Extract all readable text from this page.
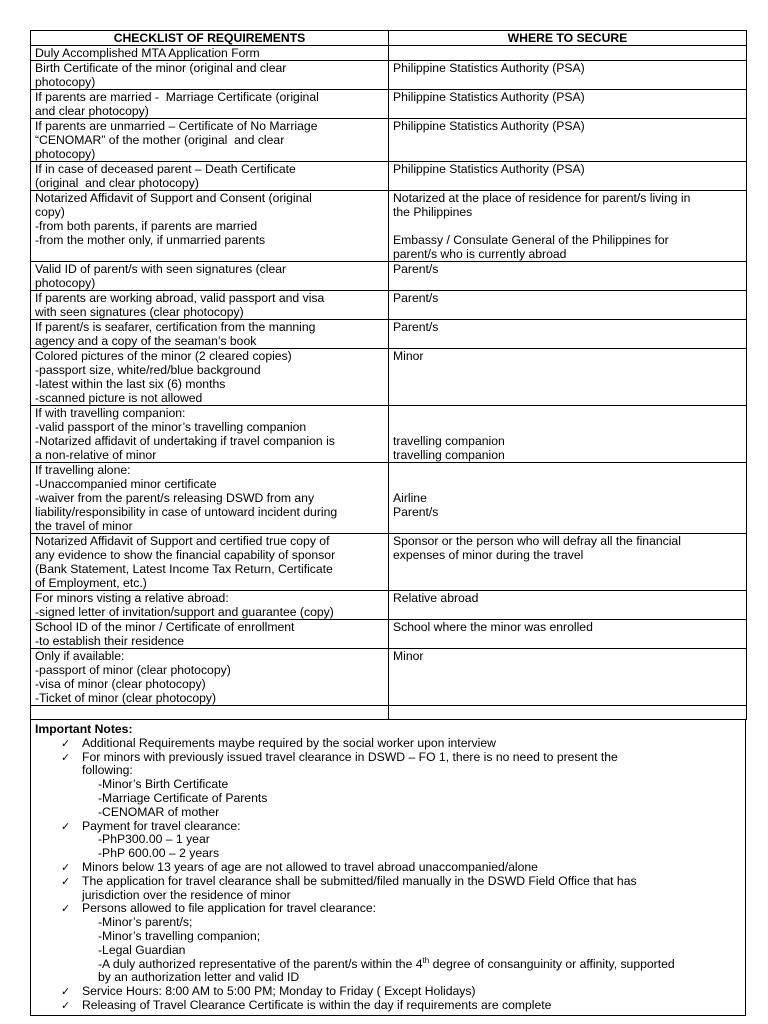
CHECKLIST OF REQUIREMENTS	WHERE TO SECURE

Duly Accomplished MTA Application Form	

Birth Certificate of the minor (original and clear
photocopy)	Philippine Statistics Authority (PSA)

If parents are married -  Marriage Certificate (original
and clear photocopy)	Philippine Statistics Authority (PSA)

If parents are unmarried – Certificate of No Marriage
“CENOMAR” of the mother (original  and clear
photocopy)	Philippine Statistics Authority (PSA)

If in case of deceased parent – Death Certificate
(original  and clear photocopy)	Philippine Statistics Authority (PSA)

Notarized Affidavit of Support and Consent (original
copy)
-from both parents, if parents are married
-from the mother only, if unmarried parents	Notarized at the place of residence for parent/s living in
the Philippines
Embassy / Consulate General of the Philippines for
parent/s who is currently abroad

Valid ID of parent/s with seen signatures (clear
photocopy)	Parent/s

If parents are working abroad, valid passport and visa
with seen signatures (clear photocopy)	Parent/s

If parent/s is seafarer, certification from the manning
agency and a copy of the seaman’s book	Parent/s

Colored pictures of the minor (2 cleared copies)
-passport size, white/red/blue background
-latest within the last six (6) months
-scanned picture is not allowed	Minor

If with travelling companion:
-valid passport of the minor’s travelling companion
-Notarized affidavit of undertaking if travel companion is
a non-relative of minor	travelling companion
travelling companion

If travelling alone:
-Unaccompanied minor certificate
-waiver from the parent/s releasing DSWD from any
liability/responsibility in case of untoward incident during
the travel of minor	Airline
Parent/s

Notarized Affidavit of Support and certified true copy of
any evidence to show the financial capability of sponsor
(Bank Statement, Latest Income Tax Return, Certificate
of Employment, etc.)	Sponsor or the person who will defray all the financial
expenses of minor during the travel

For minors visting a relative abroad:
-signed letter of invitation/support and guarantee (copy)	Relative abroad

School ID of the minor / Certificate of enrollment
-to establish their residence	School where the minor was enrolled

Only if available:
-passport of minor (clear photocopy)
-visa of minor (clear photocopy)
-Ticket of minor (clear photocopy)	Minor

Important Notes:
✓ Additional Requirements maybe required by the social worker upon interview
✓ For minors with previously issued travel clearance in DSWD – FO 1, there is no need to present the
following:
-Minor’s Birth Certificate
-Marriage Certificate of Parents
-CENOMAR of mother
✓ Payment for travel clearance:
-PhP300.00 – 1 year
-PhP 600.00 – 2 years
✓ Minors below 13 years of age are not allowed to travel abroad unaccompanied/alone
✓ The application for travel clearance shall be submitted/filed manually in the DSWD Field Office that has
jurisdiction over the residence of minor
✓ Persons allowed to file application for travel clearance:
-Minor’s parent/s;
-Minor’s travelling companion;
-Legal Guardian
-A duly authorized representative of the parent/s within the 4th degree of consanguinity or affinity, supported
by an authorization letter and valid ID
✓ Service Hours: 8:00 AM to 5:00 PM; Monday to Friday ( Except Holidays)
✓ Releasing of Travel Clearance Certificate is within the day if requirements are complete
